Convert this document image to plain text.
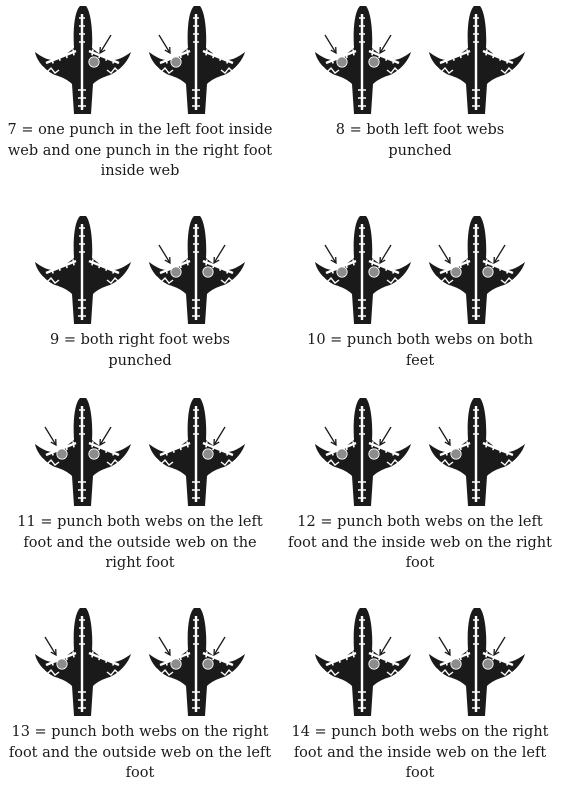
7 = one punch in the left foot inside web and one punch in the right foot inside web

8 = both left foot webs punched

9 = both right foot webs punched

10 = punch both webs on both feet

11 = punch both webs on the left foot and the outside web on the right foot

12 = punch both webs on the left foot and the inside web on the right foot

13 = punch both webs on the right foot and the outside web on the left foot

14 = punch both webs on the right foot and the inside web on the left foot
